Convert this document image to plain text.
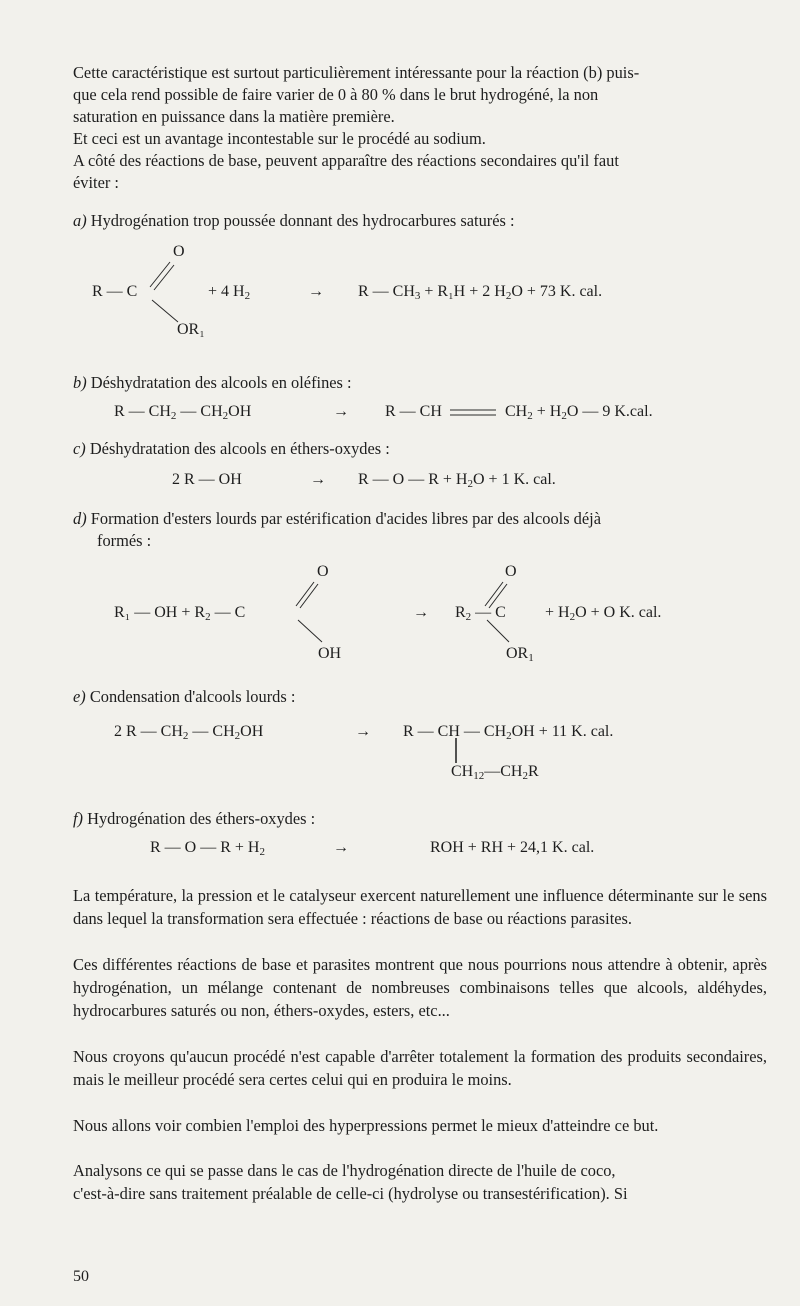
Cette caractéristique est surtout particulièrement intéressante pour la réaction (b) puis-
que cela rend possible de faire varier de 0 à 80 % dans le brut hydrogéné, la non
saturation en puissance dans la matière première.
Et ceci est un avantage incontestable sur le procédé au sodium.
A côté des réactions de base, peuvent apparaître des réactions secondaires qu'il faut
éviter :
a) Hydrogénation trop poussée donnant des hydrocarbures saturés :
O
R — C	+ 4 $H_2$	→ R — $CH_3 + R_1H + 2$ $H_2O + 73$ K. cal.
OR₁
b) Déshydratation des alcools en oléfines :
R — $CH_2$ — $CH_2OH$	→ R — CH	$CH_2 + H_2O$ — 9 K.cal.
c) Déshydratation des alcools en éthers-oxydes :
2 R — OH	→ R — O — $R + H_2O + 1$ K. cal.
d) Formation d'esters lourds par estérification d'acides libres par des alcools déjà
formés :
O	O
R₁ — OH + $R_2$ — C	→ $R_2$ — $C + H_2O + O$ K. cal.
OH	$OR_1$
e) Condensation d'alcools lourds :
2 R — $CH_2$ — $CH_2OH$	→ R — CH — $CH_2OH + 11$ K. cal.
$CH_{12}—CH_2R$
f) Hydrogénation des éthers-oxydes :
R — O — $R + H_2$	→	ROH + RH + 24,1 K. cal.
La température, la pression et le catalyseur exercent naturellement une influence déterminante sur le sens dans lequel la transformation sera effectuée : réactions de base ou réactions parasites.
Ces différentes réactions de base et parasites montrent que nous pourrions nous attendre à obtenir, après hydrogénation, un mélange contenant de nombreuses combinaisons telles que alcools, aldéhydes, hydrocarbures saturés ou non, éthers-oxydes, esters, etc...
Nous croyons qu'aucun procédé n'est capable d'arrêter totalement la formation des produits secondaires, mais le meilleur procédé sera certes celui qui en produira le moins.
Nous allons voir combien l'emploi des hyperpressions permet le mieux d'atteindre ce but.
Analysons ce qui se passe dans le cas de l'hydrogénation directe de l'huile de coco,
c'est-à-dire sans traitement préalable de celle-ci (hydrolyse ou transestérification). Si
50
